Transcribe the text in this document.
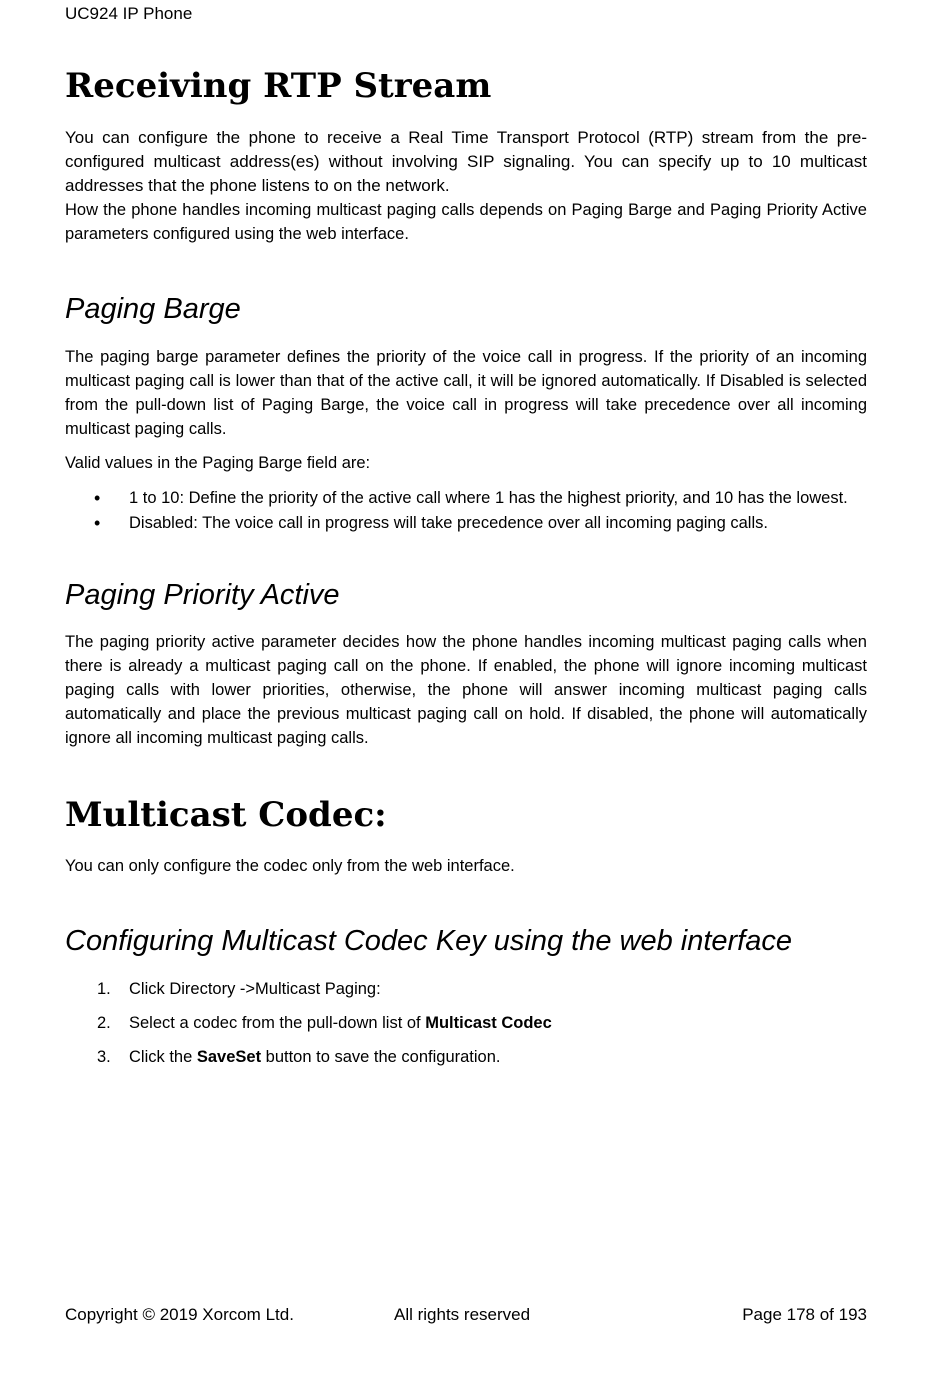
UC924 IP Phone
Receiving RTP Stream

You can configure the phone to receive a Real Time Transport Protocol (RTP) stream from the pre-configured multicast address(es) without involving SIP signaling. You can specify up to 10 multicast addresses that the phone listens to on the network.

How the phone handles incoming multicast paging calls depends on Paging Barge and Paging Priority Active parameters configured using the web interface.

Paging Barge

The paging barge parameter defines the priority of the voice call in progress. If the priority of an incoming multicast paging call is lower than that of the active call, it will be ignored automatically. If Disabled is selected from the pull-down list of Paging Barge, the voice call in progress will take precedence over all incoming multicast paging calls.

Valid values in the Paging Barge field are:

• 1 to 10: Define the priority of the active call where 1 has the highest priority, and 10 has the lowest.
• Disabled: The voice call in progress will take precedence over all incoming paging calls.
Paging Priority Active

The paging priority active parameter decides how the phone handles incoming multicast paging calls when there is already a multicast paging call on the phone. If enabled, the phone will ignore incoming multicast paging calls with lower priorities, otherwise, the phone will answer incoming multicast paging calls automatically and place the previous multicast paging call on hold. If disabled, the phone will automatically ignore all incoming multicast paging calls.

Multicast Codec:

You can only configure the codec only from the web interface.

Configuring Multicast Codec Key using the web interface
1. Click Directory ->Multicast Paging:
2. Select a codec from the pull-down list of Multicast Codec
3. Click the SaveSet button to save the configuration.
Copyright © 2019 Xorcom Ltd.	All rights reserved	Page 178 of 193
